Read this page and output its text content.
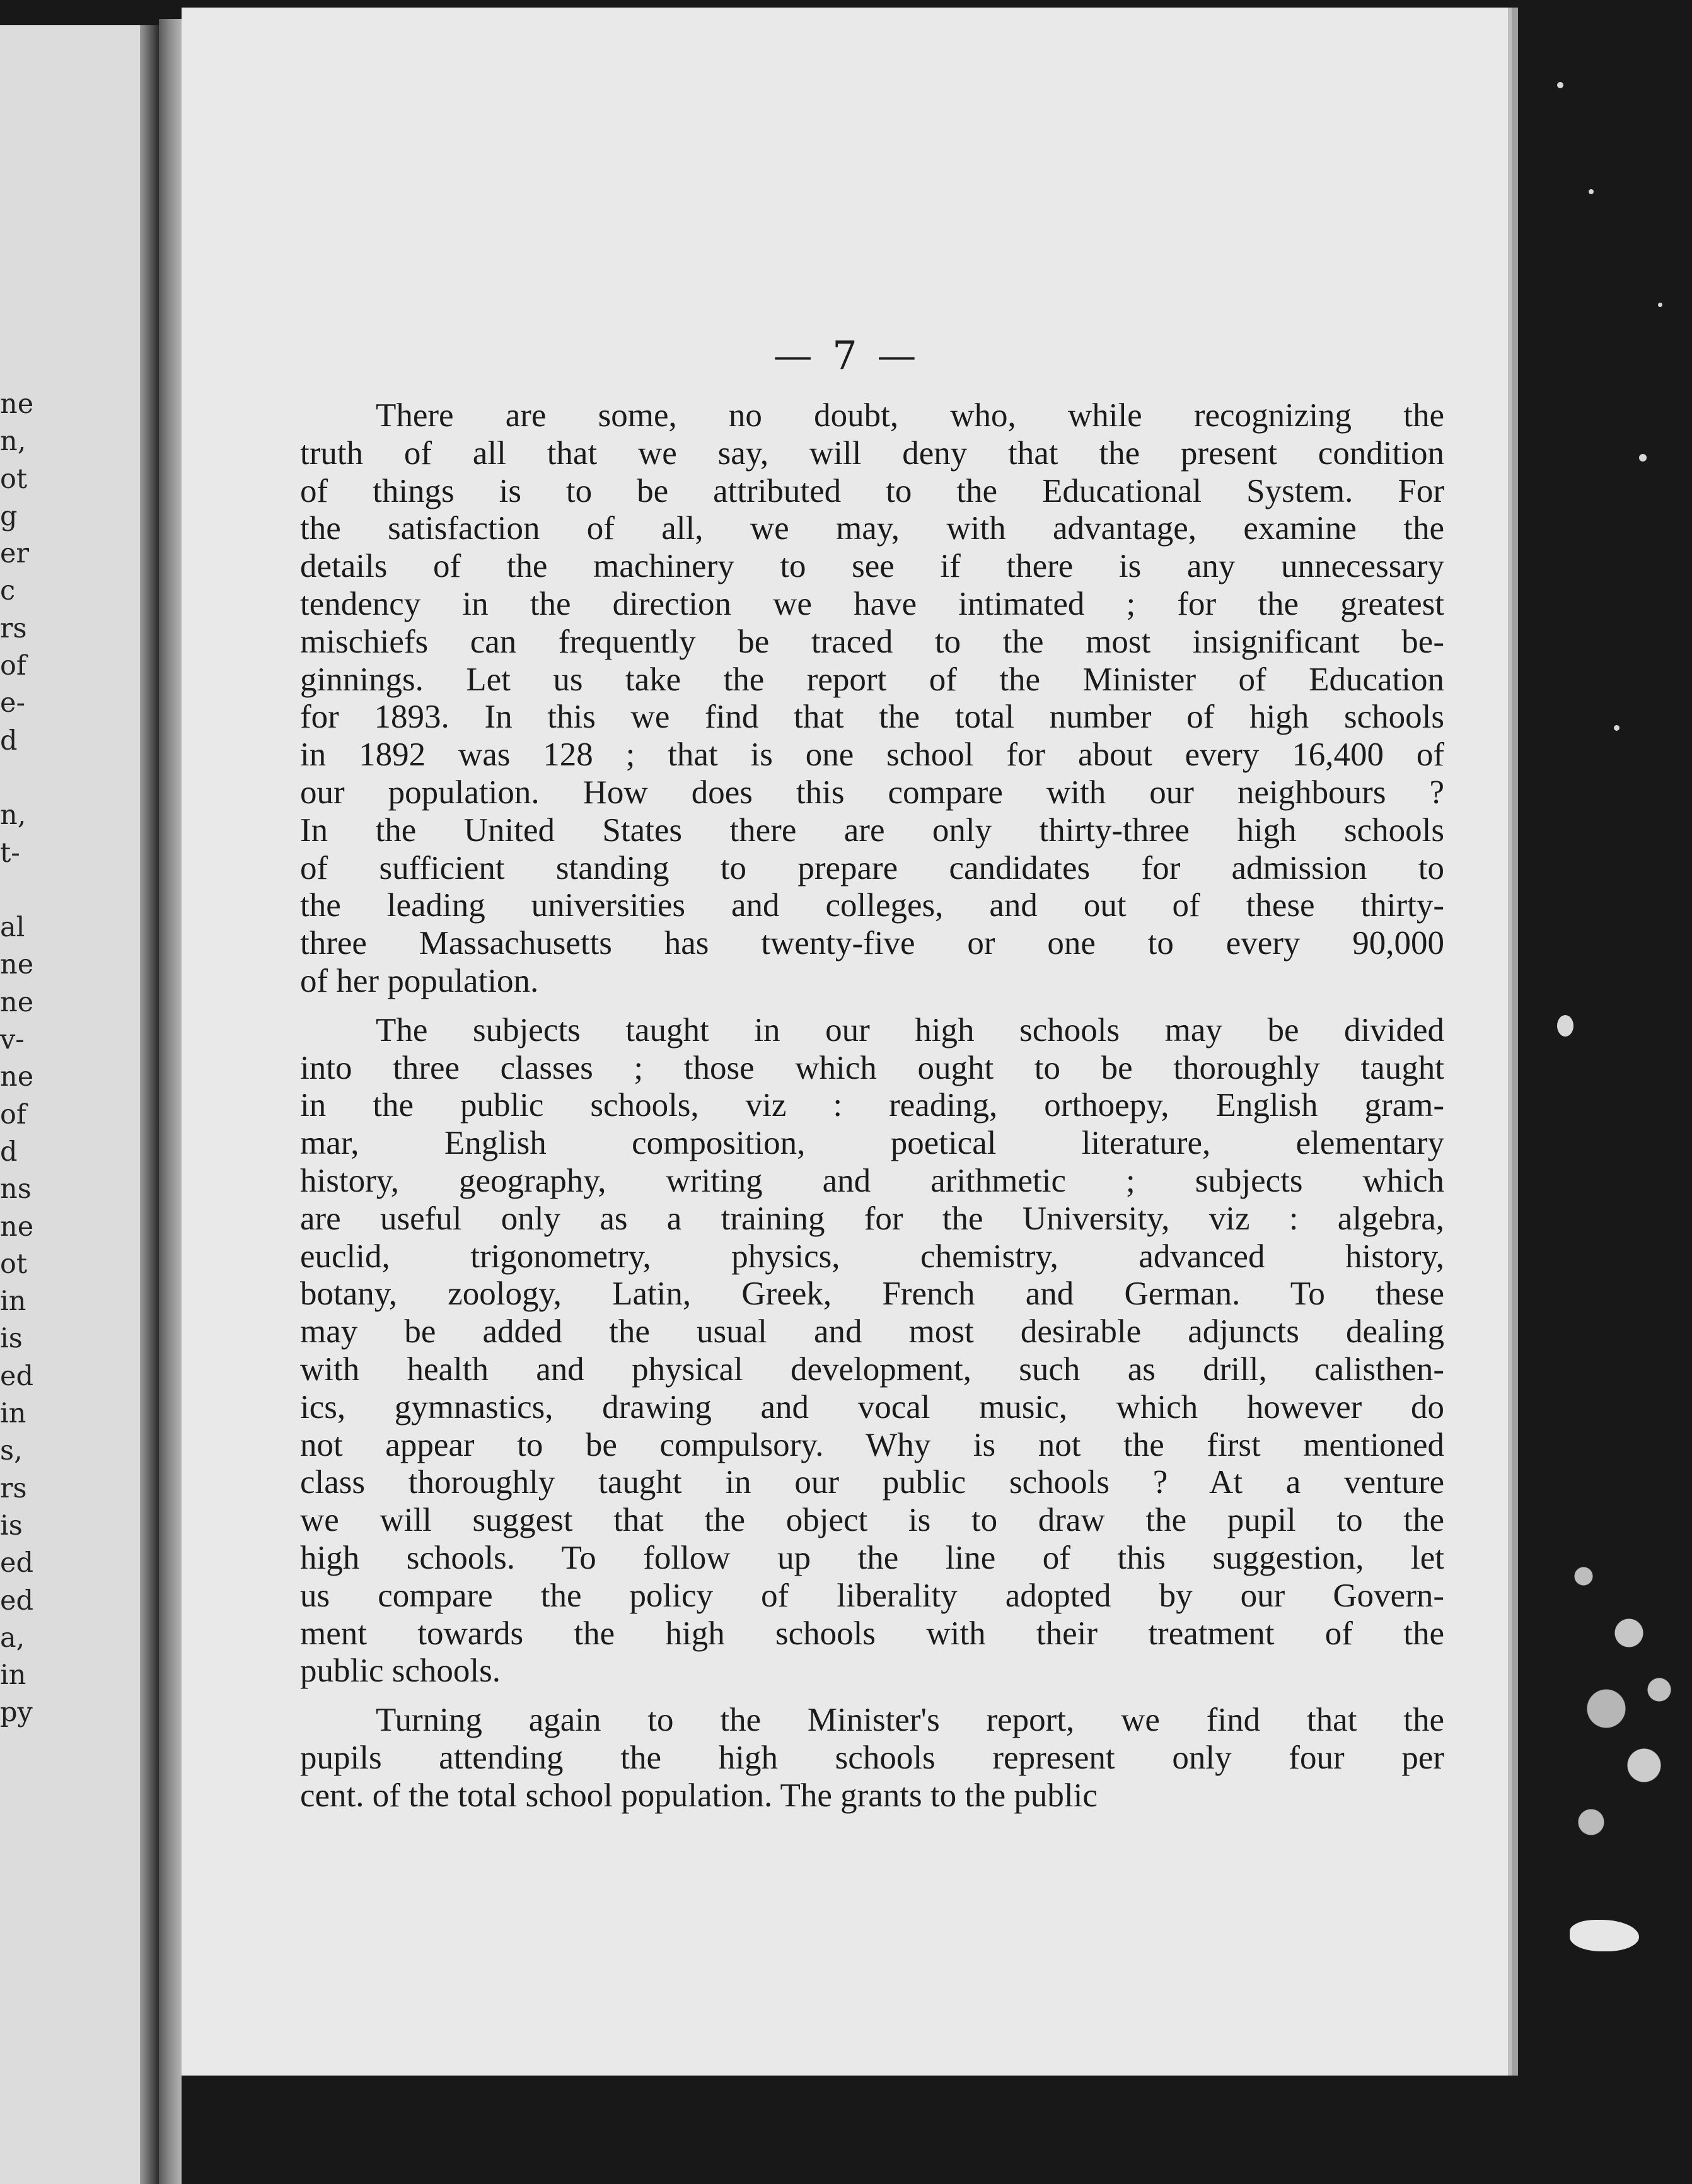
ne
n,
ot
g
er
c
rs
of
e-
d
n,
t-
al
ne
ne
v-
ne
of
d
ns
ne
ot
in
is
ed
in
s,
rs
is
ed
ed
a,
in
py
— 7 —
There are some, no doubt, who, while recognizing the
truth of all that we say, will deny that the present condition
of things is to be attributed to the Educational System. For
the satisfaction of all, we may, with advantage, examine the
details of the machinery to see if there is any unnecessary
tendency in the direction we have intimated ; for the greatest
mischiefs can frequently be traced to the most insignificant be-
ginnings. Let us take the report of the Minister of Education
for 1893. In this we find that the total number of high schools
in 1892 was 128 ; that is one school for about every 16,400 of
our population. How does this compare with our neighbours ?
In the United States there are only thirty-three high schools
of sufficient standing to prepare candidates for admission to
the leading universities and colleges, and out of these thirty-
three Massachusetts has twenty-five or one to every 90,000
of her population.
The subjects taught in our high schools may be divided
into three classes ; those which ought to be thoroughly taught
in the public schools, viz : reading, orthoepy, English gram-
mar, English composition, poetical literature, elementary
history, geography, writing and arithmetic ; subjects which
are useful only as a training for the University, viz : algebra,
euclid, trigonometry, physics, chemistry, advanced history,
botany, zoology, Latin, Greek, French and German. To these
may be added the usual and most desirable adjuncts dealing
with health and physical development, such as drill, calisthen-
ics, gymnastics, drawing and vocal music, which however do
not appear to be compulsory. Why is not the first mentioned
class thoroughly taught in our public schools ? At a venture
we will suggest that the object is to draw the pupil to the
high schools. To follow up the line of this suggestion, let
us compare the policy of liberality adopted by our Govern-
ment towards the high schools with their treatment of the
public schools.
Turning again to the Minister's report, we find that the
pupils attending the high schools represent only four per
cent. of the total school population. The grants to the public
